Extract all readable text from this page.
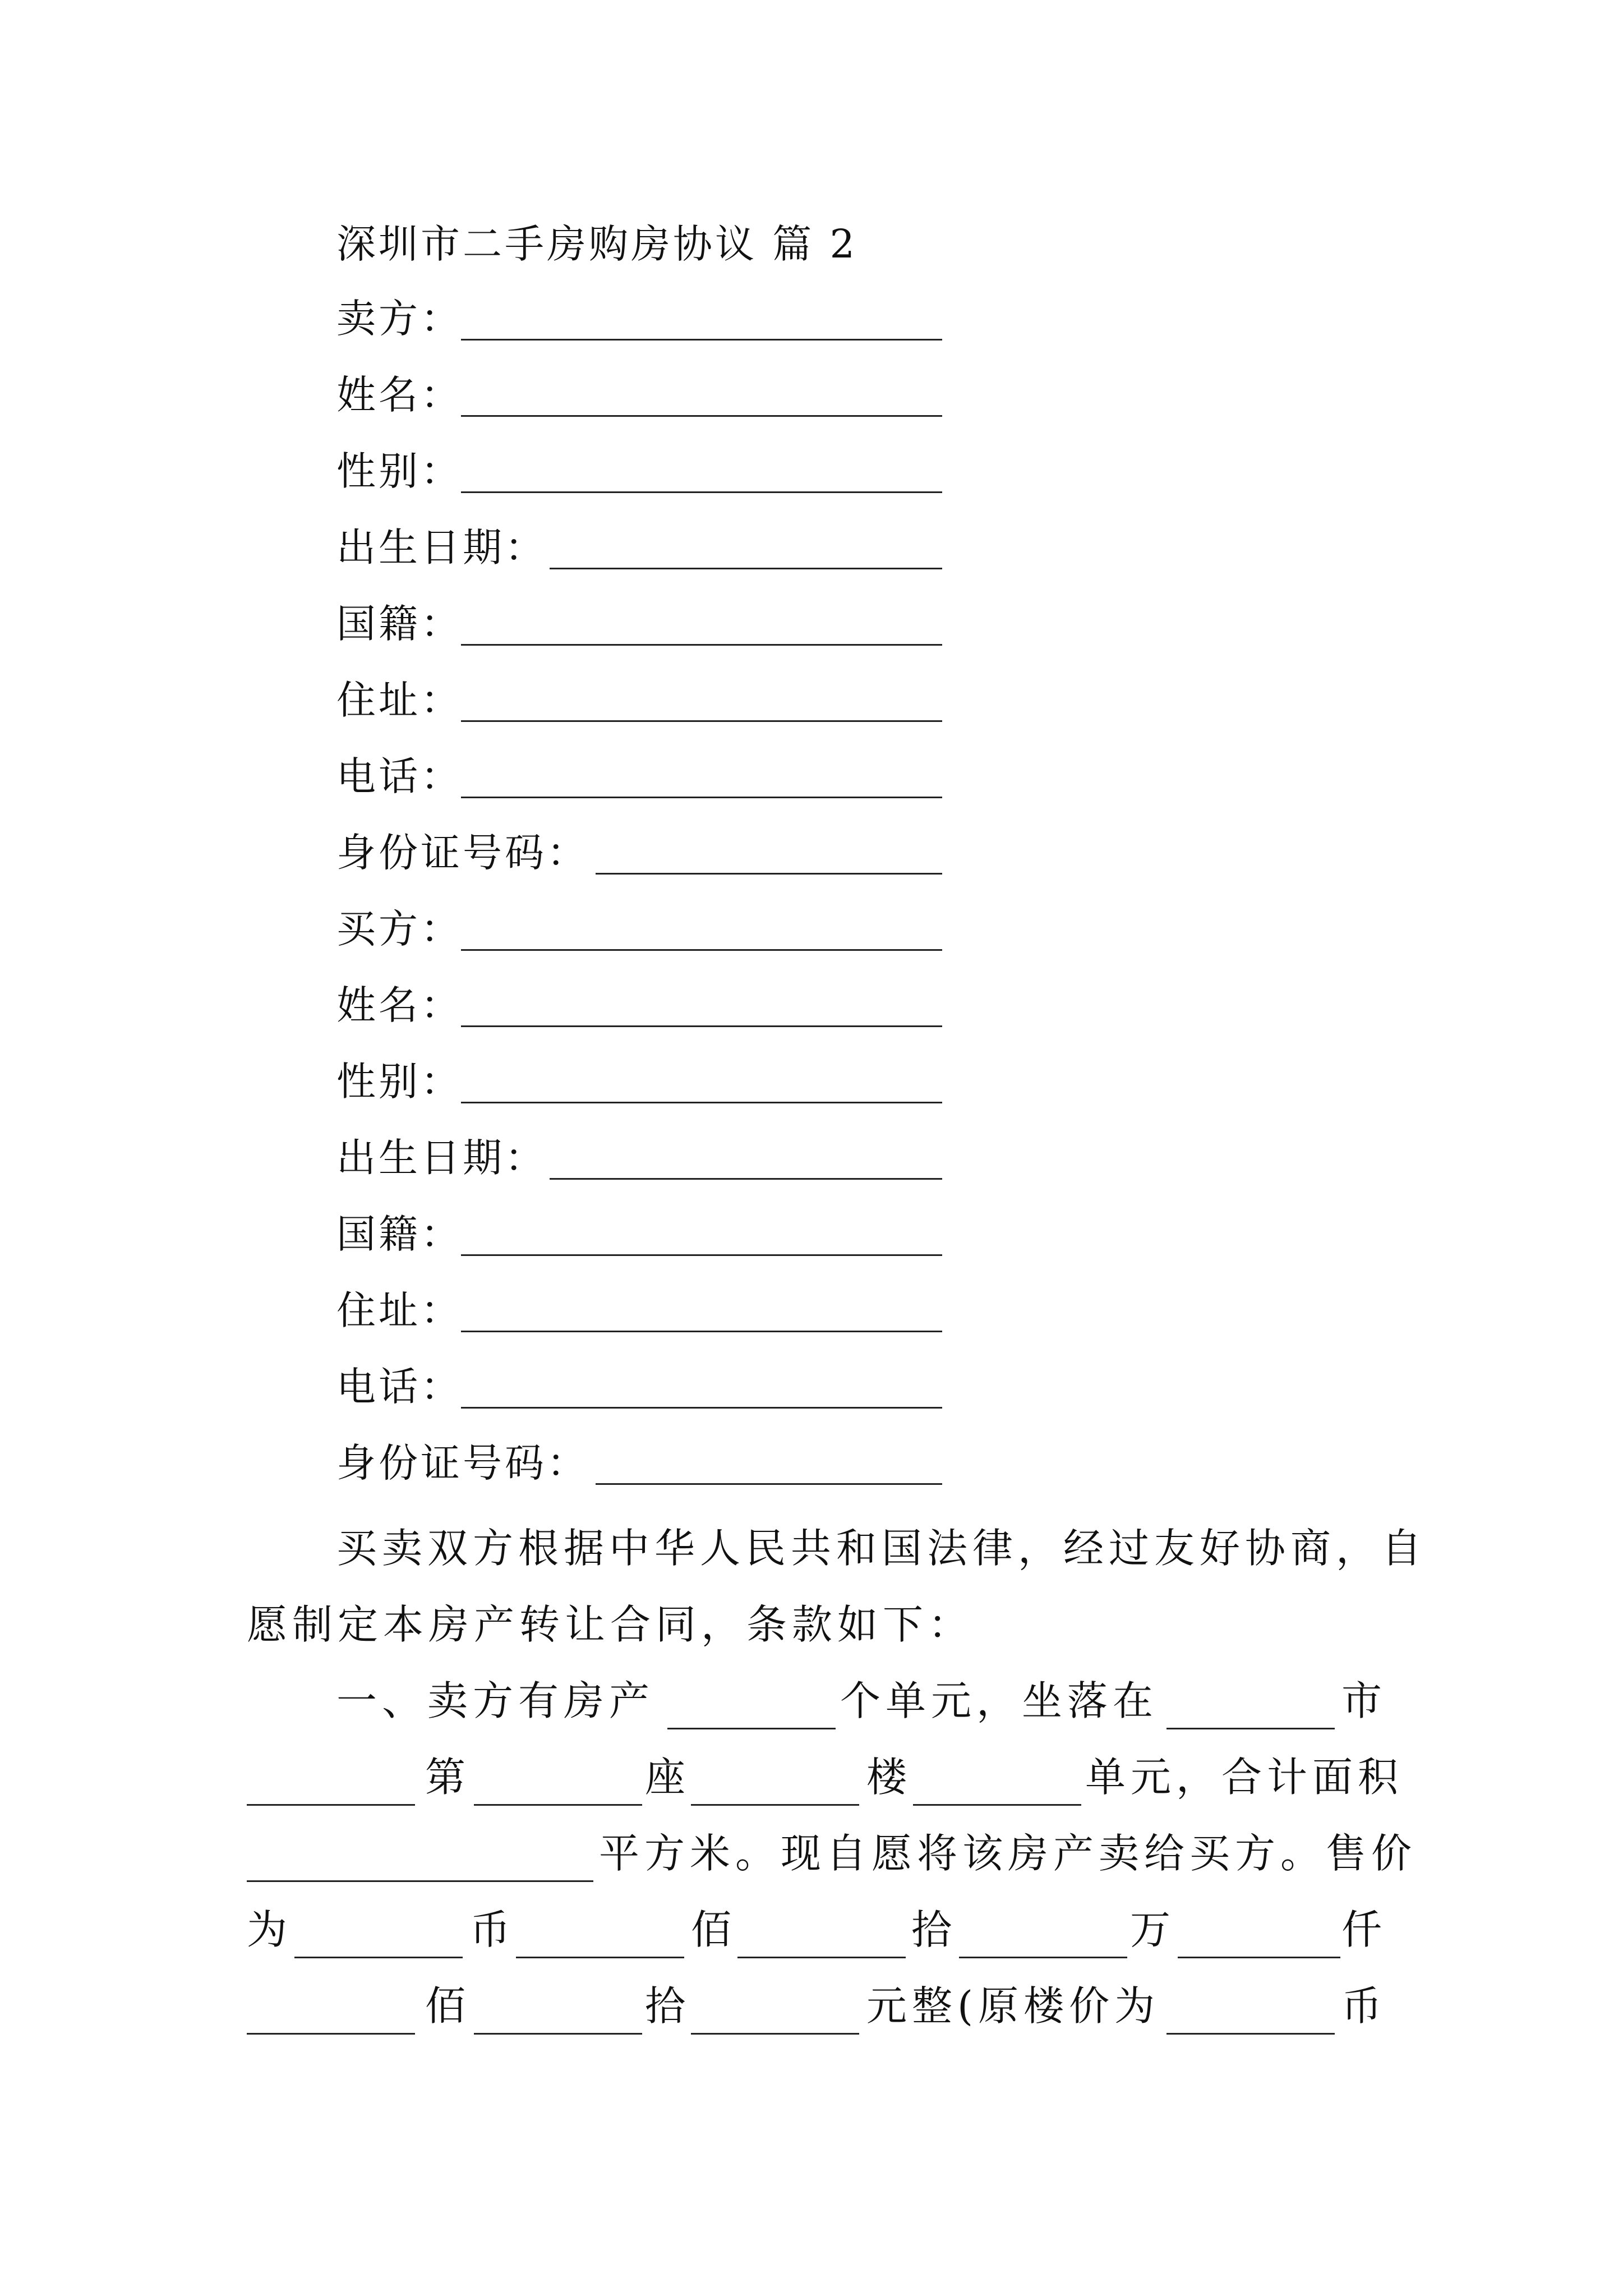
深圳市二手房购房协议 篇 2
卖方：
姓名：
性别：
出生日期：
国籍：
住址：
电话：
身份证号码：
买方：
姓名：
性别：
出生日期：
国籍：
住址：
电话：
身份证号码：
买卖双方根据中华人民共和国法律，经过友好协商，自
愿制定本房产转让合同，条款如下：
一、卖方有房产	个单元，坐落在	市
第	座	楼	单元，合计面积
平方米。现自愿将该房产卖给买方。售价
为	币	佰	拾	万	仟
佰	拾	元整(原楼价为	币
